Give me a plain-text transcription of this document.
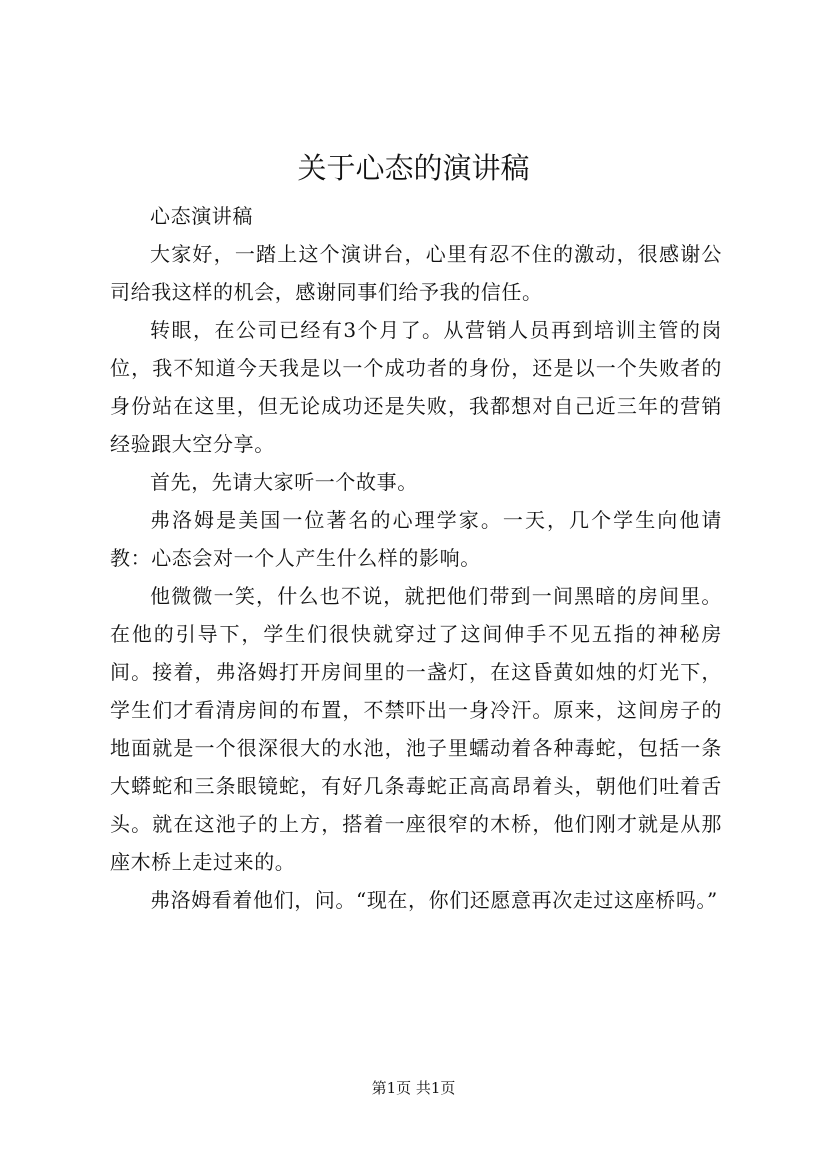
关于心态的演讲稿

心态演讲稿

大家好，一踏上这个演讲台，心里有忍不住的激动，很感谢公司给我这样的机会，感谢同事们给予我的信任。

转眼，在公司已经有3个月了。从营销人员再到培训主管的岗位，我不知道今天我是以一个成功者的身份，还是以一个失败者的身份站在这里，但无论成功还是失败，我都想对自己近三年的营销经验跟大空分享。

首先，先请大家听一个故事。

弗洛姆是美国一位著名的心理学家。一天，几个学生向他请教：心态会对一个人产生什么样的影响。

他微微一笑，什么也不说，就把他们带到一间黑暗的房间里。在他的引导下，学生们很快就穿过了这间伸手不见五指的神秘房间。接着，弗洛姆打开房间里的一盏灯，在这昏黄如烛的灯光下，学生们才看清房间的布置，不禁吓出一身冷汗。原来，这间房子的地面就是一个很深很大的水池，池子里蠕动着各种毒蛇，包括一条大蟒蛇和三条眼镜蛇，有好几条毒蛇正高高昂着头，朝他们吐着舌头。就在这池子的上方，搭着一座很窄的木桥，他们刚才就是从那座木桥上走过来的。

弗洛姆看着他们，问。“现在，你们还愿意再次走过这座桥吗。”

第1页 共1页
